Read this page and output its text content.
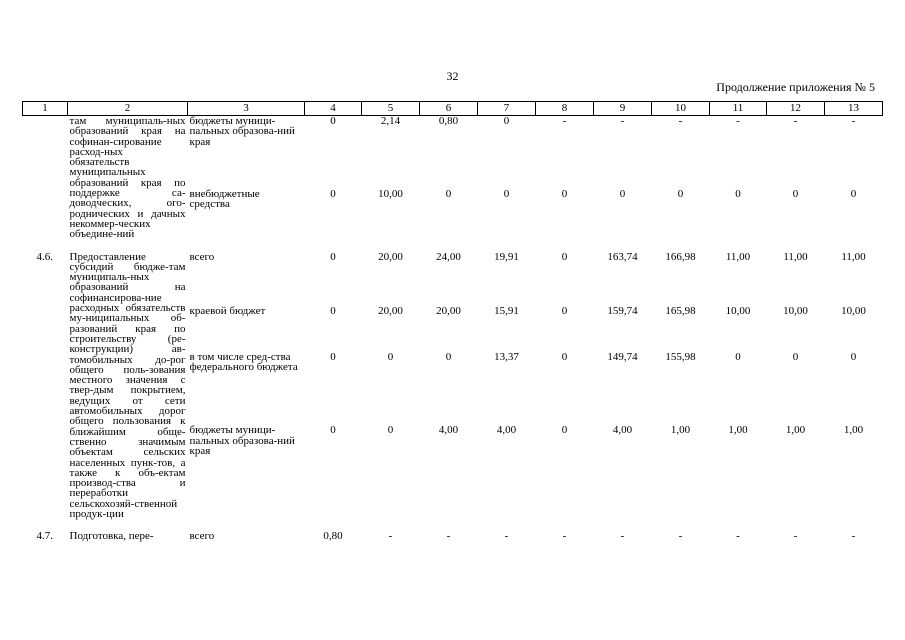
32
Продолжение приложения № 5
1	2	3	4	5	6	7	8	9	10	11	12	13
	там муниципаль-ных образований края на софинан-сирование расход-ных обязательств муниципальных образований края по поддержке са-доводческих, ого-роднических и дачных некоммер-ческих объедине-ний	бюджеты муници-пальных образова-ний края	0	2,14	0,80	0	-	-	-	-	-	-
		внебюджетные средства	0	10,00	0	0	0	0	0	0	0	0
4.6.	Предоставление субсидий бюдже-там муниципаль-ных образований на софинансирова-ние расходных обязательств му-ниципальных об-разований края по строительству (ре-конструкции) ав-томобильных до-рог общего поль-зования местного значения с твер-дым покрытием, ведущих от сети автомобильных дорог общего пользования к ближайшим обще-ственно значимым объектам сельских населенных пунк-тов, а также к объ-ектам производ-ства и переработки сельскохозяй-ственной продук-ции	всего	0	20,00	24,00	19,91	0	163,74	166,98	11,00	11,00	11,00
		краевой бюджет	0	20,00	20,00	15,91	0	159,74	165,98	10,00	10,00	10,00
		в том числе сред-ства федерального бюджета	0	0	0	13,37	0	149,74	155,98	0	0	0
		бюджеты муници-пальных образова-ний края	0	0	4,00	4,00	0	4,00	1,00	1,00	1,00	1,00
4.7.	Подготовка, пере-	всего	0,80	-	-	-	-	-	-	-	-	-
